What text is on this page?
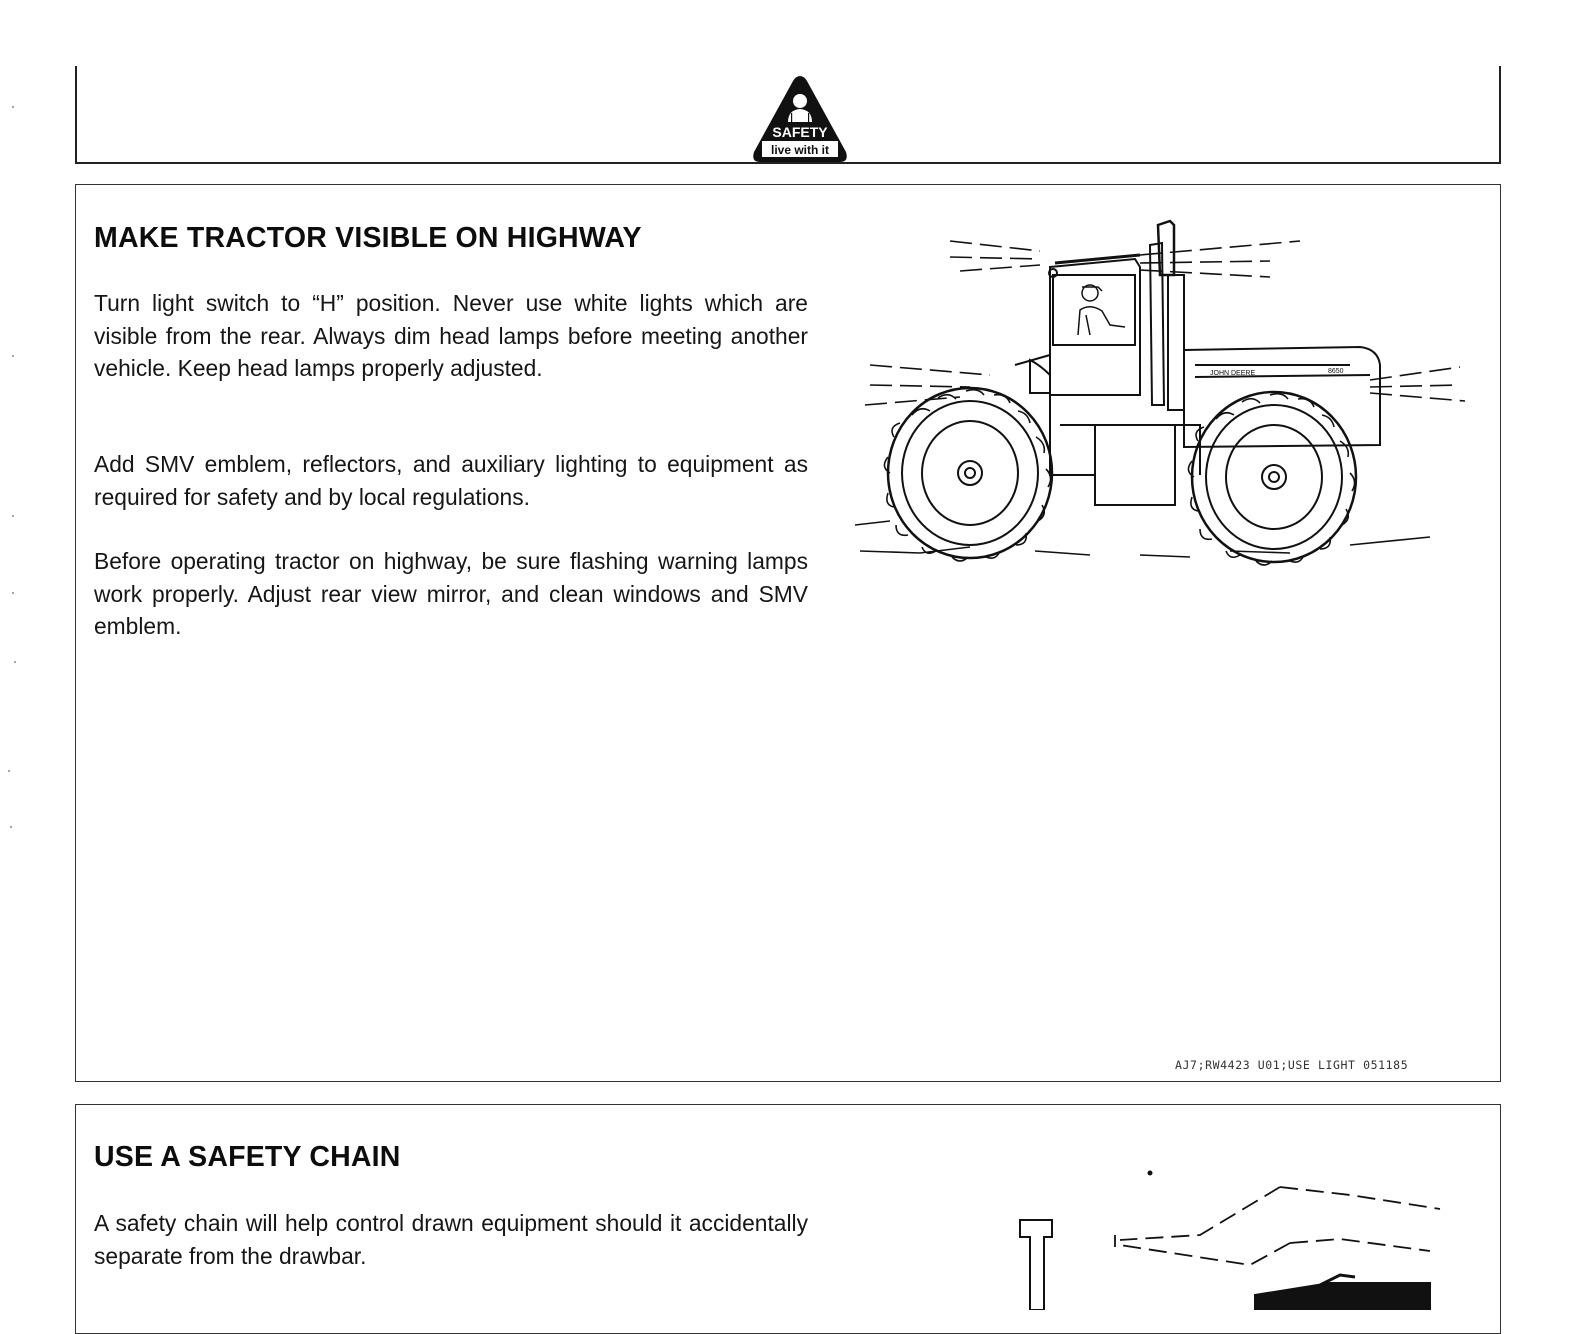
SAFETY
live with it
MAKE TRACTOR VISIBLE ON HIGHWAY

Turn light switch to “H” position. Never use white lights which are visible from the rear. Always dim head lamps before meeting another vehicle. Keep head lamps properly adjusted.

Add SMV emblem, reflectors, and auxiliary lighting to equipment as required for safety and by local regulations.

Before operating tractor on highway, be sure flashing warning lamps work properly. Adjust rear view mirror, and clean windows and SMV emblem.

JOHN DEERE	8650
AJ7;RW4423 U01;USE LIGHT 051185
USE A SAFETY CHAIN

A safety chain will help control drawn equipment should it accidentally separate from the drawbar.
